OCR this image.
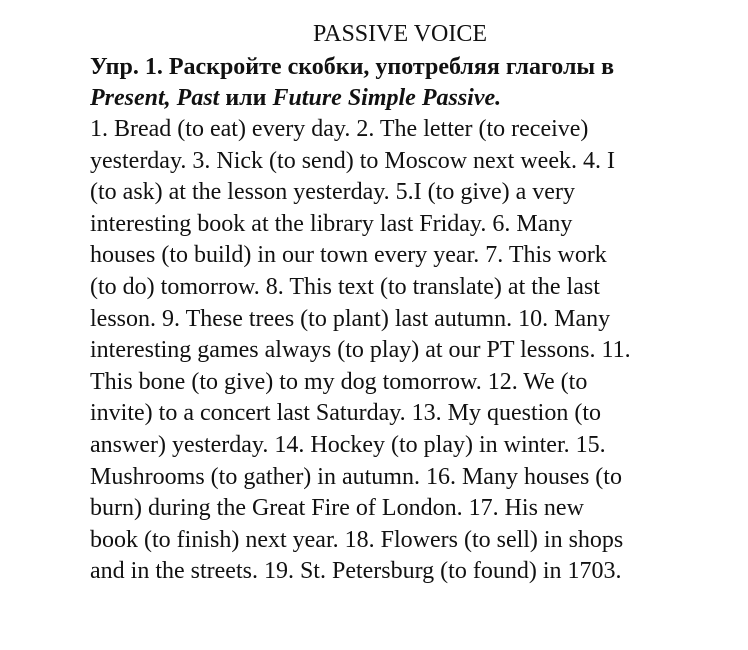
PASSIVE VOICE
Упр. 1. Раскройте скобки, употребляя глаголы в
Present, Past или Future Simple Passive.
1. Bread (to eat) every day. 2. The letter (to receive)
yesterday. 3. Nick (to send) to Moscow next week. 4. I
(to ask) at the lesson yesterday. 5.I (to give) a very
interesting book at the library last Friday. 6. Many
houses (to build) in our town every year. 7. This work
(to do) tomorrow. 8. This text (to translate) at the last
lesson. 9. These trees (to plant) last autumn. 10. Many
interesting games always (to play) at our PT lessons. 11.
This bone (to give) to my dog tomorrow. 12. We (to
invite) to a concert last Saturday. 13. My question (to
answer) yesterday. 14. Hockey (to play) in winter. 15.
Mushrooms (to gather) in autumn. 16. Many houses (to
burn) during the Great Fire of London. 17. His new
book (to finish) next year. 18. Flowers (to sell) in shops
and in the streets. 19. St. Petersburg (to found) in 1703.
